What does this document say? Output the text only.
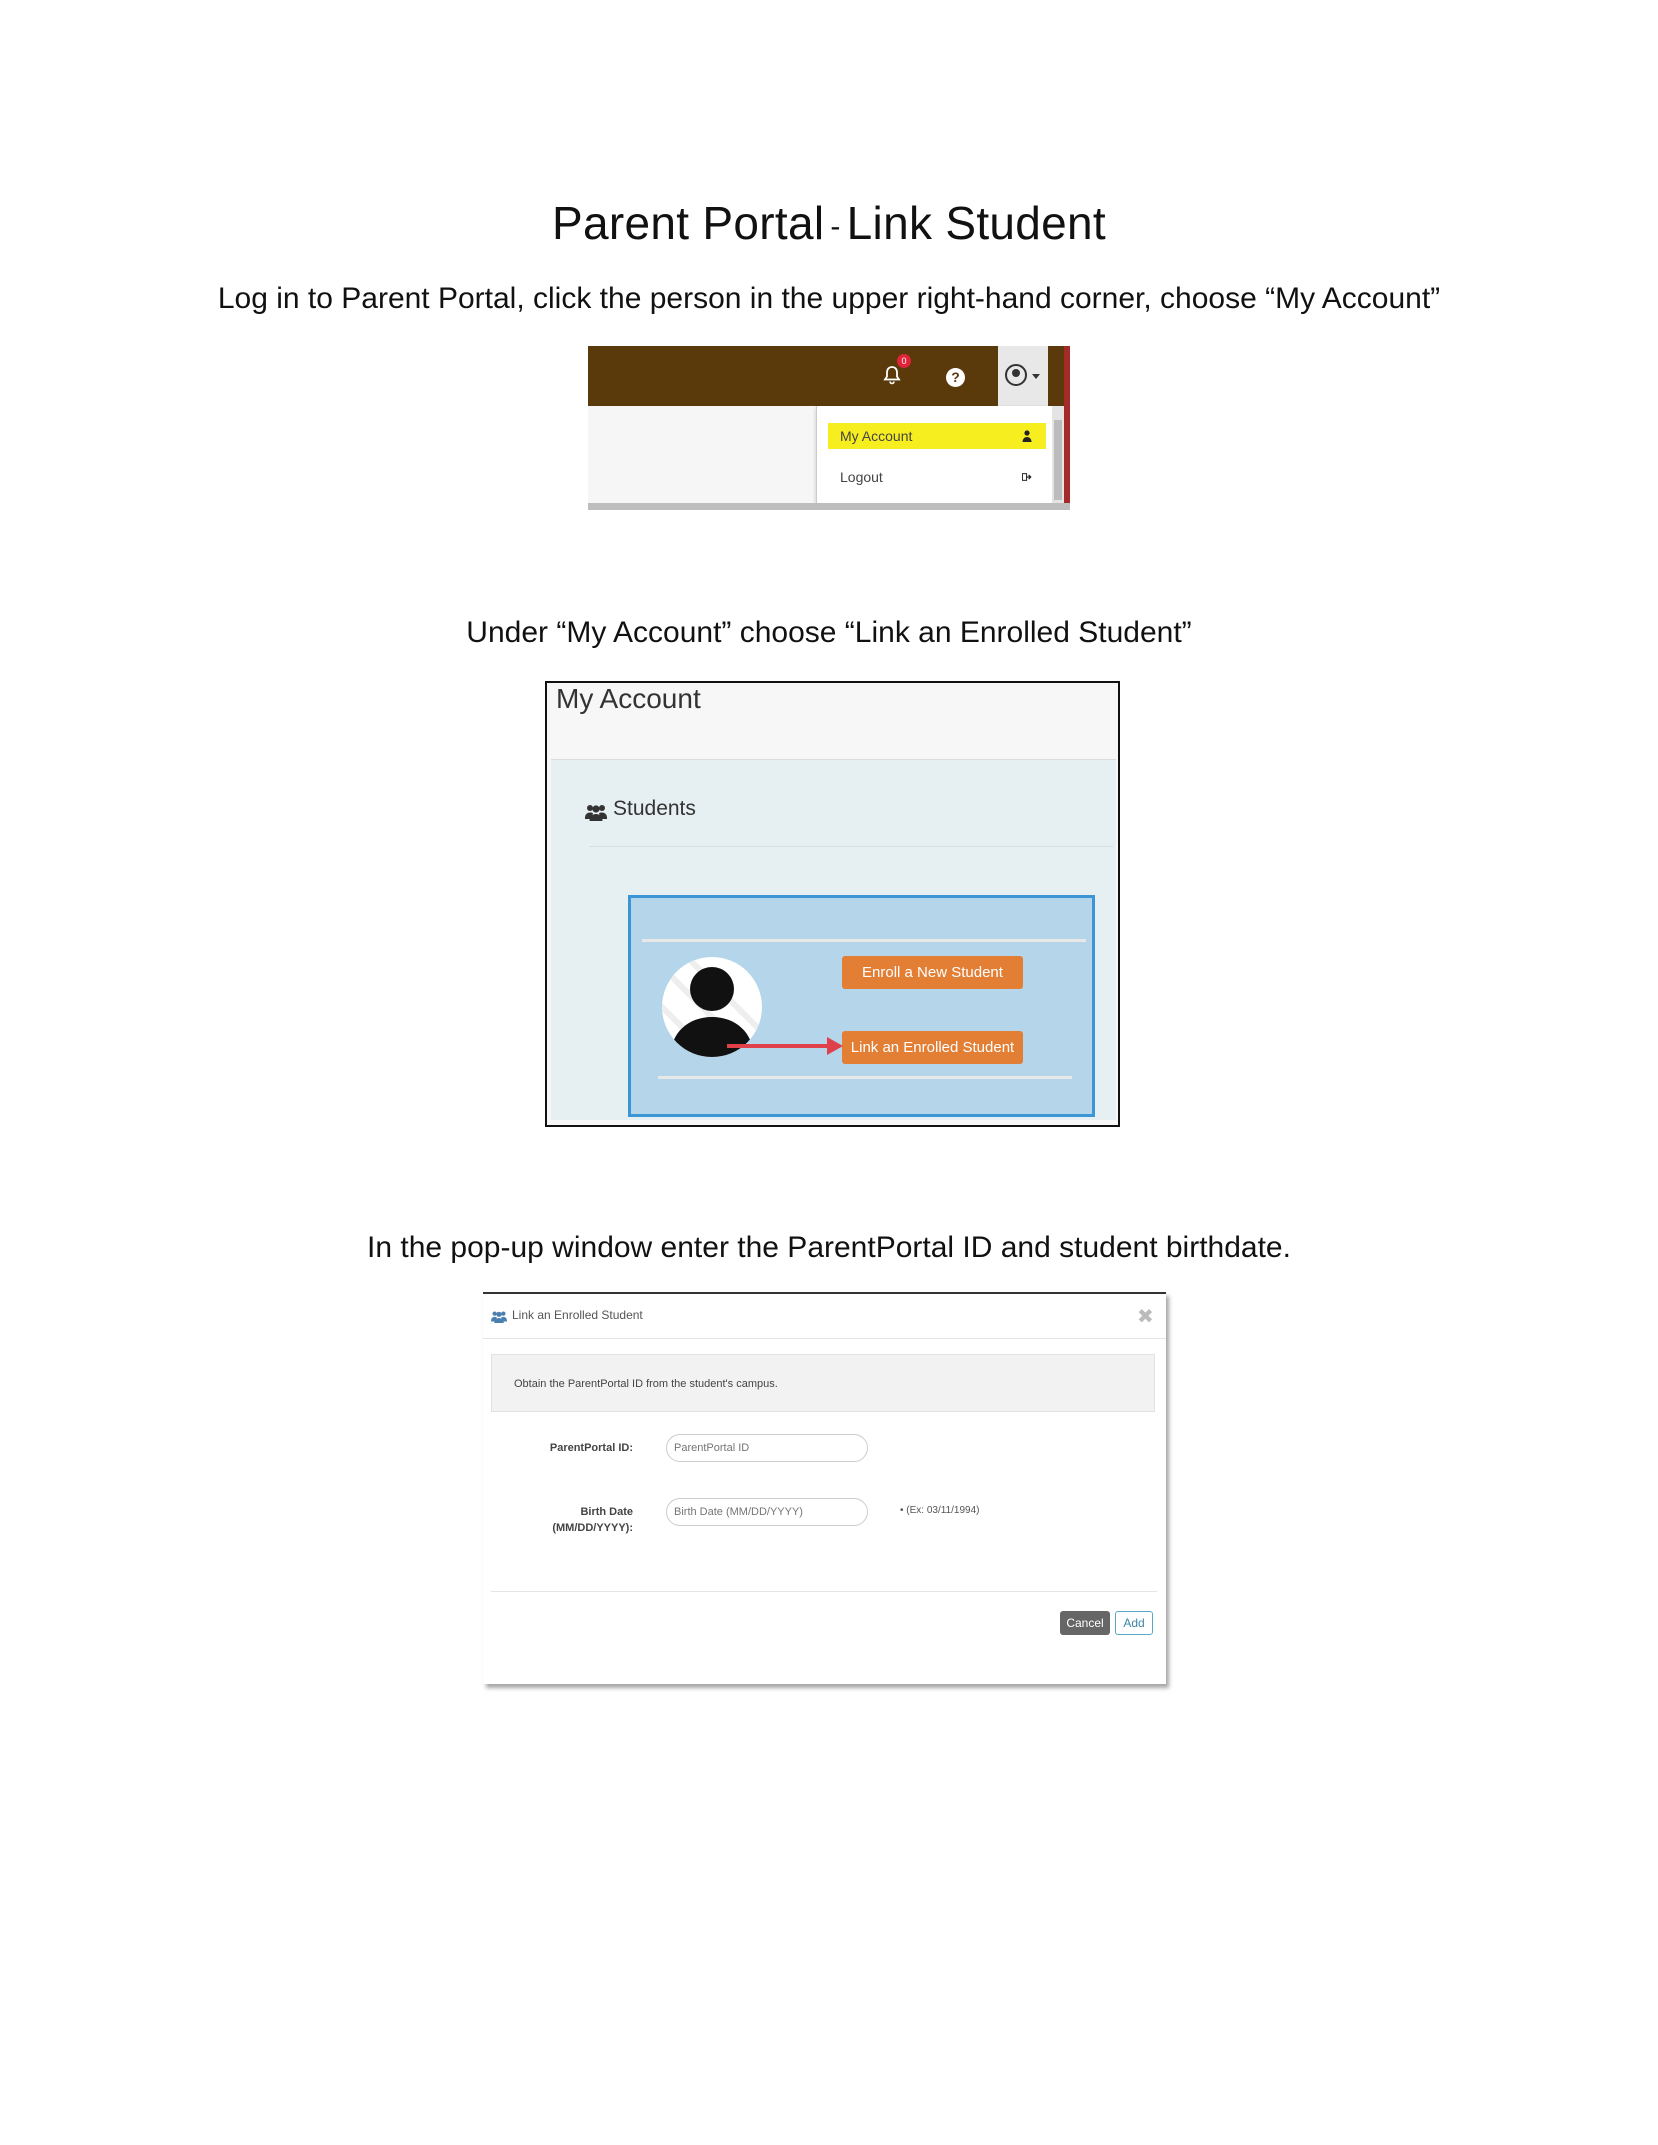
Parent Portal - Link Student
Log in to Parent Portal, click the person in the upper right-hand corner, choose “My Account”
0
?
My Account
Logout
Under “My Account” choose “Link an Enrolled Student”
My Account
Students
Enroll a New Student
Link an Enrolled Student
In the pop-up window enter the ParentPortal ID and student birthdate.
Link an Enrolled Student	✖
Obtain the ParentPortal ID from the student's campus.
ParentPortal ID:
ParentPortal ID
Birth Date
(MM/DD/YYYY):
Birth Date (MM/DD/YYYY)
• (Ex: 03/11/1994)
Cancel	Add
